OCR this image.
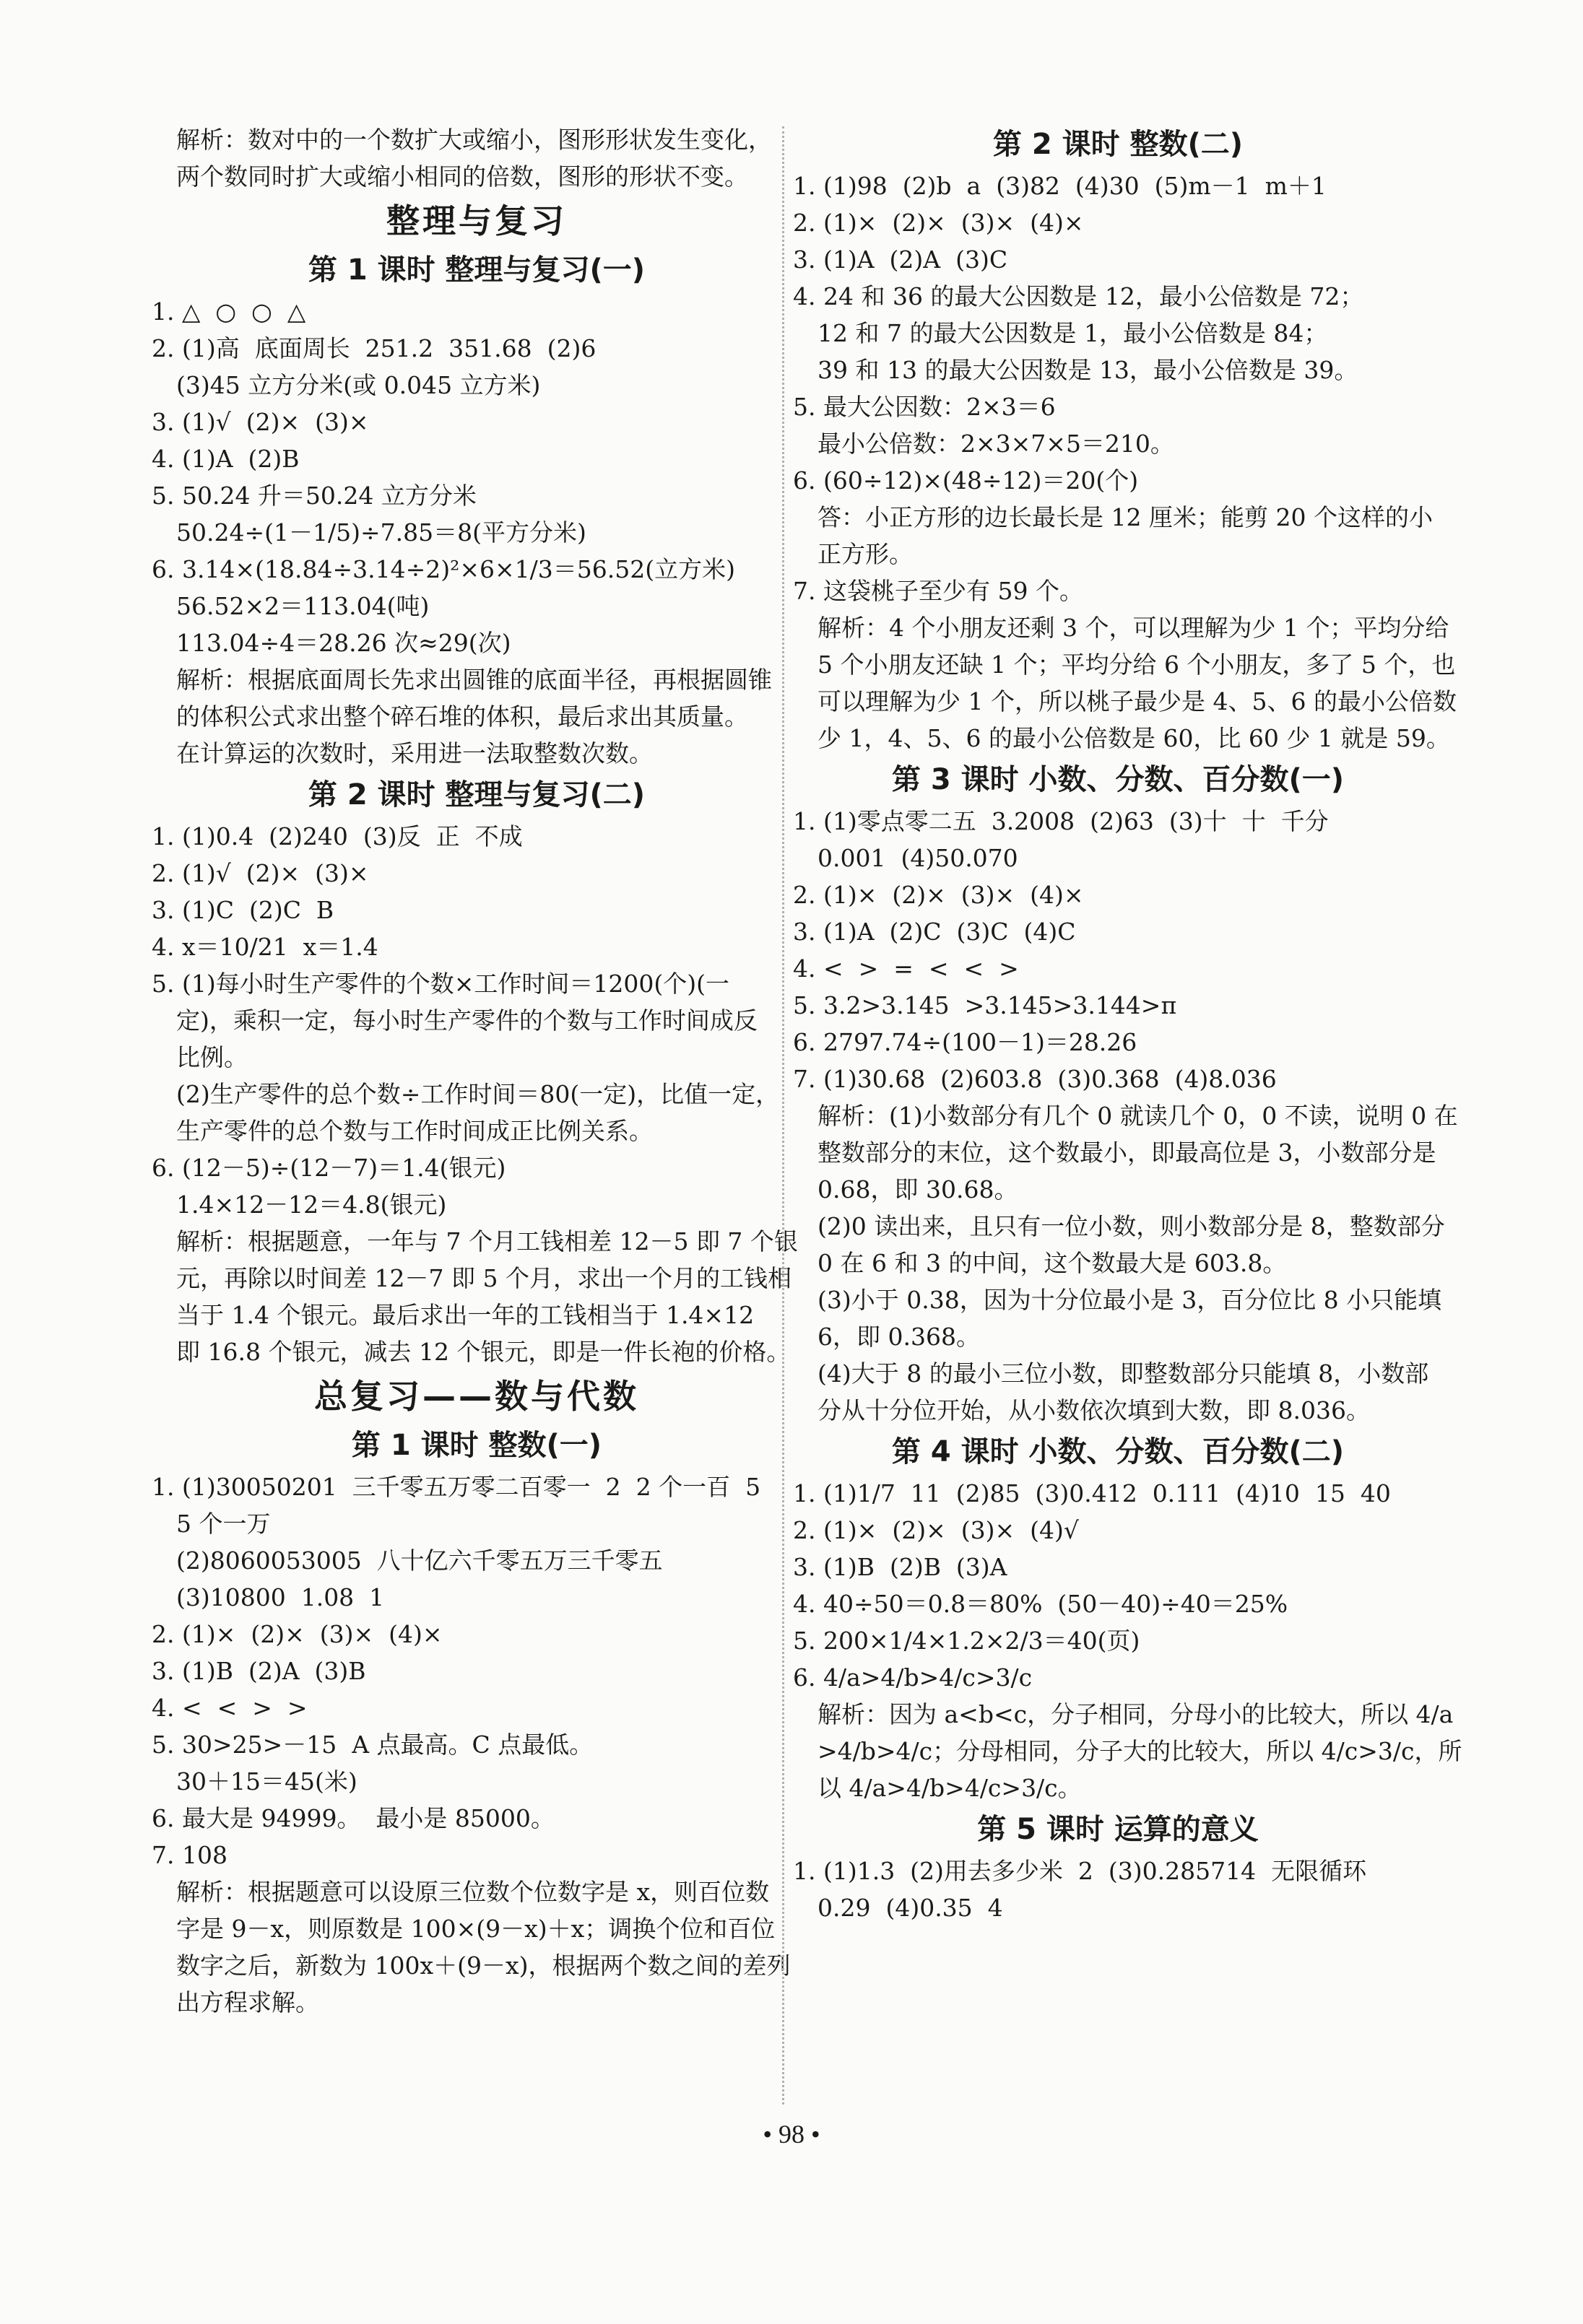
解析：数对中的一个数扩大或缩小，图形形状发生变化，
两个数同时扩大或缩小相同的倍数，图形的形状不变。
整理与复习
第 1 课时 整理与复习(一)
1. △  ○  ○  △
2. (1)高  底面周长  251.2  351.68  (2)6
(3)45 立方分米(或 0.045 立方米)
3. (1)√  (2)×  (3)×
4. (1)A  (2)B
5. 50.24 升＝50.24 立方分米
50.24÷(1－1/5)÷7.85＝8(平方分米)
6. 3.14×(18.84÷3.14÷2)²×6×1/3＝56.52(立方米)
56.52×2＝113.04(吨)
113.04÷4＝28.26 次≈29(次)
解析：根据底面周长先求出圆锥的底面半径，再根据圆锥
的体积公式求出整个碎石堆的体积，最后求出其质量。
在计算运的次数时，采用进一法取整数次数。
第 2 课时 整理与复习(二)
1. (1)0.4  (2)240  (3)反  正  不成
2. (1)√  (2)×  (3)×
3. (1)C  (2)C  B
4. x＝10/21  x＝1.4
5. (1)每小时生产零件的个数×工作时间＝1200(个)(一
定)，乘积一定，每小时生产零件的个数与工作时间成反
比例。
(2)生产零件的总个数÷工作时间＝80(一定)，比值一定，
生产零件的总个数与工作时间成正比例关系。
6. (12－5)÷(12－7)＝1.4(银元)
1.4×12－12＝4.8(银元)
解析：根据题意，一年与 7 个月工钱相差 12－5 即 7 个银
元，再除以时间差 12－7 即 5 个月，求出一个月的工钱相
当于 1.4 个银元。最后求出一年的工钱相当于 1.4×12
即 16.8 个银元，减去 12 个银元，即是一件长袍的价格。
总复习——数与代数
第 1 课时 整数(一)
1. (1)30050201  三千零五万零二百零一  2  2 个一百  5
5 个一万
(2)8060053005  八十亿六千零五万三千零五
(3)10800  1.08  1
2. (1)×  (2)×  (3)×  (4)×
3. (1)B  (2)A  (3)B
4. <  <  >  >
5. 30>25>－15  A 点最高。C 点最低。
30＋15＝45(米)
6. 最大是 94999。  最小是 85000。
7. 108
解析：根据题意可以设原三位数个位数字是 x，则百位数
字是 9－x，则原数是 100×(9－x)＋x；调换个位和百位
数字之后，新数为 100x＋(9－x)，根据两个数之间的差列
出方程求解。
第 2 课时 整数(二)
1. (1)98  (2)b  a  (3)82  (4)30  (5)m－1  m＋1
2. (1)×  (2)×  (3)×  (4)×
3. (1)A  (2)A  (3)C
4. 24 和 36 的最大公因数是 12，最小公倍数是 72；
12 和 7 的最大公因数是 1，最小公倍数是 84；
39 和 13 的最大公因数是 13，最小公倍数是 39。
5. 最大公因数：2×3＝6
最小公倍数：2×3×7×5＝210。
6. (60÷12)×(48÷12)＝20(个)
答：小正方形的边长最长是 12 厘米；能剪 20 个这样的小
正方形。
7. 这袋桃子至少有 59 个。
解析：4 个小朋友还剩 3 个，可以理解为少 1 个；平均分给
5 个小朋友还缺 1 个；平均分给 6 个小朋友，多了 5 个，也
可以理解为少 1 个，所以桃子最少是 4、5、6 的最小公倍数
少 1，4、5、6 的最小公倍数是 60，比 60 少 1 就是 59。
第 3 课时 小数、分数、百分数(一)
1. (1)零点零二五  3.2008  (2)63  (3)十  十  千分
0.001  (4)50.070
2. (1)×  (2)×  (3)×  (4)×
3. (1)A  (2)C  (3)C  (4)C
4. <  >  =  <  <  >
5. 3.2>3.145  >3.145>3.144>π
6. 2797.74÷(100－1)＝28.26
7. (1)30.68  (2)603.8  (3)0.368  (4)8.036
解析：(1)小数部分有几个 0 就读几个 0，0 不读，说明 0 在
整数部分的末位，这个数最小，即最高位是 3，小数部分是
0.68，即 30.68。
(2)0 读出来，且只有一位小数，则小数部分是 8，整数部分
0 在 6 和 3 的中间，这个数最大是 603.8。
(3)小于 0.38，因为十分位最小是 3，百分位比 8 小只能填
6，即 0.368。
(4)大于 8 的最小三位小数，即整数部分只能填 8，小数部
分从十分位开始，从小数依次填到大数，即 8.036。
第 4 课时 小数、分数、百分数(二)
1. (1)1/7  11  (2)85  (3)0.412  0.111  (4)10  15  40
2. (1)×  (2)×  (3)×  (4)√
3. (1)B  (2)B  (3)A
4. 40÷50＝0.8＝80%  (50－40)÷40＝25%
5. 200×1/4×1.2×2/3＝40(页)
6. 4/a>4/b>4/c>3/c
解析：因为 a<b<c，分子相同，分母小的比较大，所以 4/a
>4/b>4/c；分母相同，分子大的比较大，所以 4/c>3/c，所
以 4/a>4/b>4/c>3/c。
第 5 课时 运算的意义
1. (1)1.3  (2)用去多少米  2  (3)0.285714  无限循环
0.29  (4)0.35  4
• 98 •
